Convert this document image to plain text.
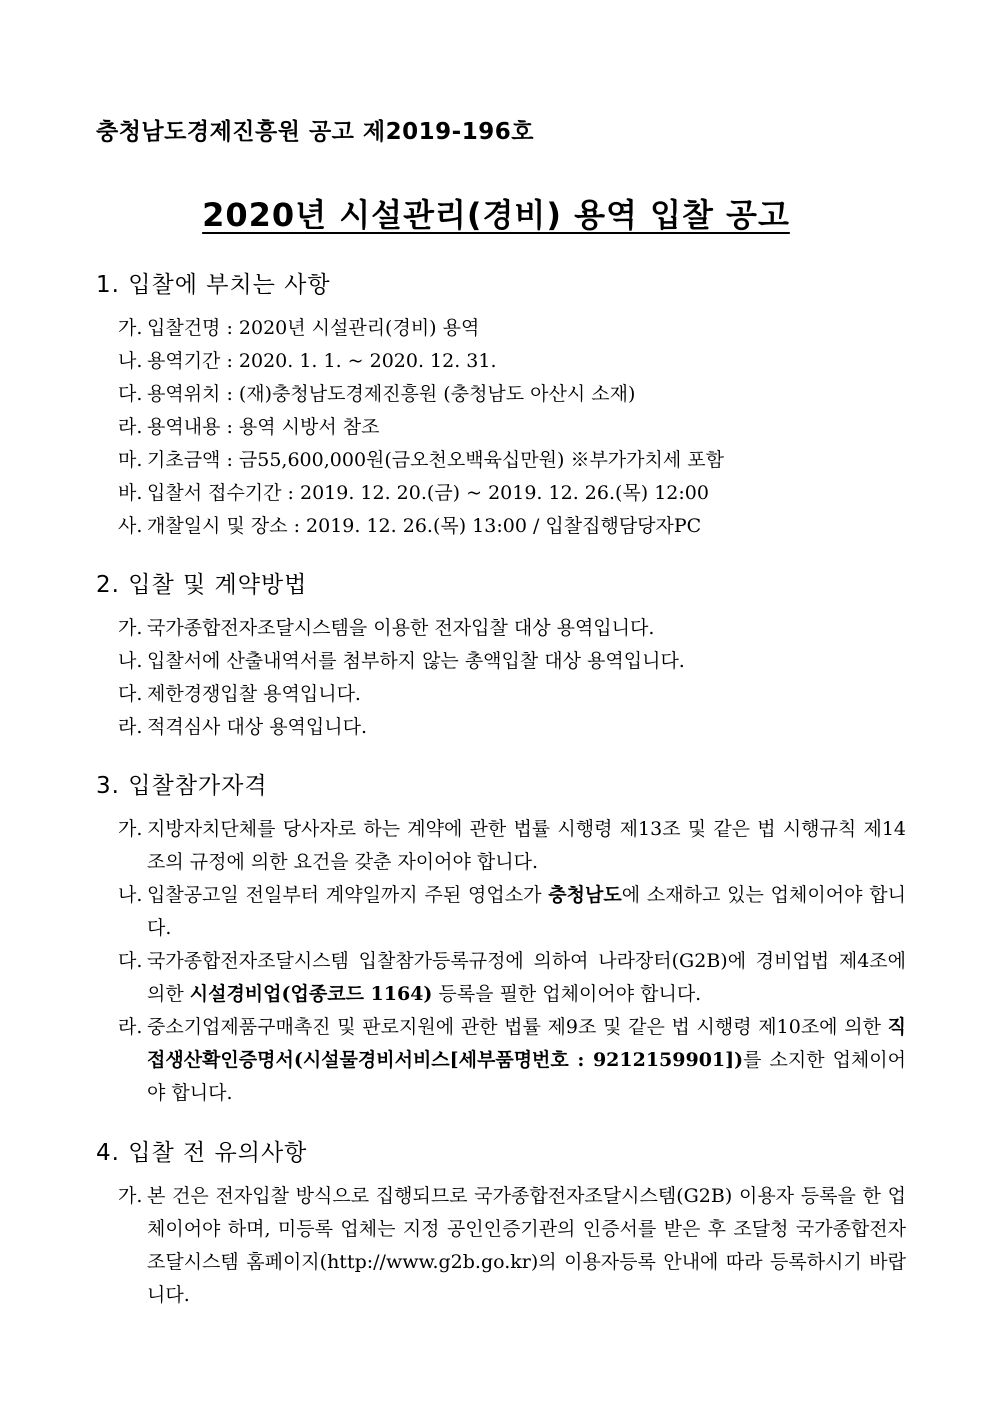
충청남도경제진흥원 공고 제2019-196호
2020년 시설관리(경비) 용역 입찰 공고
1. 입찰에 부치는 사항
가. 입찰건명 : 2020년 시설관리(경비) 용역
나. 용역기간 : 2020. 1. 1. ~ 2020. 12. 31.
다. 용역위치 : (재)충청남도경제진흥원 (충청남도 아산시 소재)
라. 용역내용 : 용역 시방서 참조
마. 기초금액 : 금55,600,000원(금오천오백육십만원) ※부가가치세 포함
바. 입찰서 접수기간 : 2019. 12. 20.(금) ~ 2019. 12. 26.(목) 12:00
사. 개찰일시 및 장소 : 2019. 12. 26.(목) 13:00 / 입찰집행담당자PC
2. 입찰 및 계약방법
가. 국가종합전자조달시스템을 이용한 전자입찰 대상 용역입니다.
나. 입찰서에 산출내역서를 첨부하지 않는 총액입찰 대상 용역입니다.
다. 제한경쟁입찰 용역입니다.
라. 적격심사 대상 용역입니다.
3. 입찰참가자격
가. 지방자치단체를 당사자로 하는 계약에 관한 법률 시행령 제13조 및 같은 법 시행규칙 제14조의 규정에 의한 요건을 갖춘 자이어야 합니다.
나. 입찰공고일 전일부터 계약일까지 주된 영업소가 충청남도에 소재하고 있는 업체이어야 합니다.
다. 국가종합전자조달시스템 입찰참가등록규정에 의하여 나라장터(G2B)에 경비업법 제4조에 의한 시설경비업(업종코드 1164) 등록을 필한 업체이어야 합니다.
라. 중소기업제품구매촉진 및 판로지원에 관한 법률 제9조 및 같은 법 시행령 제10조에 의한 직접생산확인증명서(시설물경비서비스[세부품명번호 : 9212159901])를 소지한 업체이어야 합니다.
4. 입찰 전 유의사항
가. 본 건은 전자입찰 방식으로 집행되므로 국가종합전자조달시스템(G2B) 이용자 등록을 한 업체이어야 하며, 미등록 업체는 지정 공인인증기관의 인증서를 받은 후 조달청 국가종합전자조달시스템 홈페이지(http://www.g2b.go.kr)의 이용자등록 안내에 따라 등록하시기 바랍니다.
